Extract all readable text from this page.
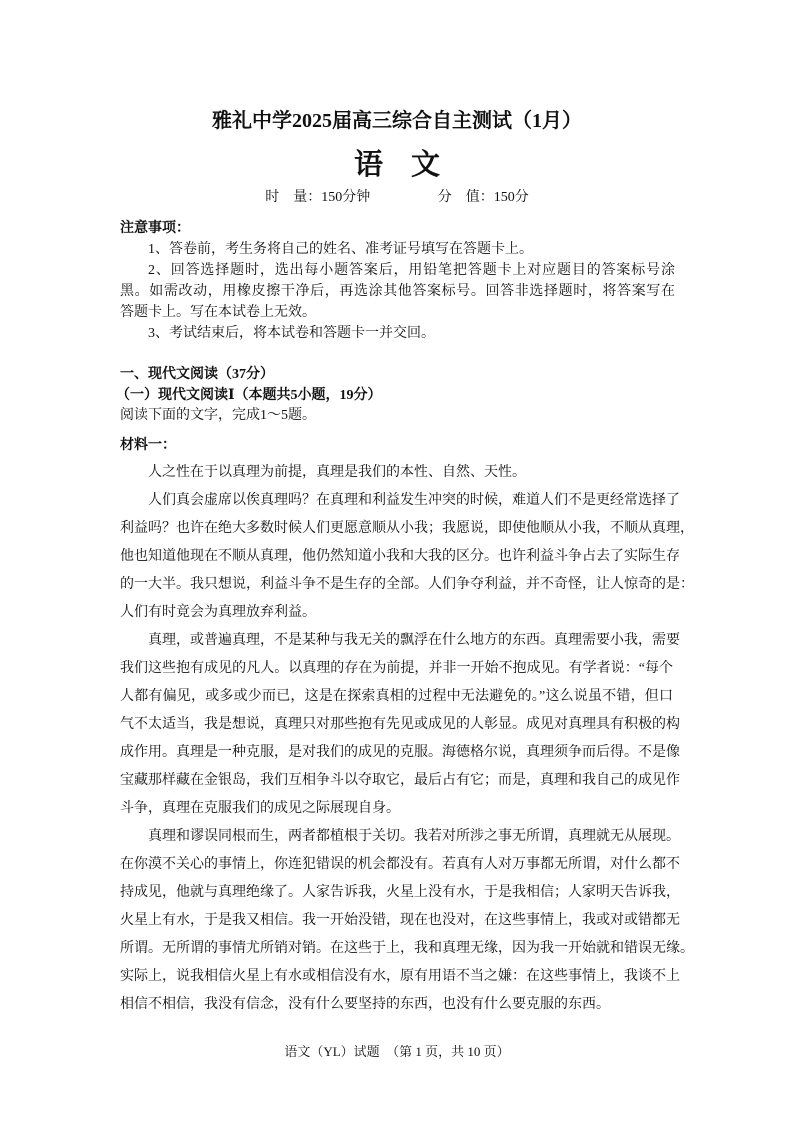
雅礼中学2025届高三综合自主测试（1月）
语文
时　量：150分钟	分　值：150分
注意事项：
1、答卷前，考生务将自己的姓名、准考证号填写在答题卡上。
2、回答选择题时，选出每小题答案后，用铅笔把答题卡上对应题目的答案标号涂
黑。如需改动，用橡皮擦干净后，再选涂其他答案标号。回答非选择题时，将答案写在
答题卡上。写在本试卷上无效。
3、考试结束后，将本试卷和答题卡一并交回。
一、现代文阅读（37分）
（一）现代文阅读Ⅰ（本题共5小题，19分）
阅读下面的文字，完成1～5题。
材料一：
人之性在于以真理为前提，真理是我们的本性、自然、天性。
人们真会虚席以俟真理吗？在真理和利益发生冲突的时候，难道人们不是更经常选择了
利益吗？也许在绝大多数时候人们更愿意顺从小我；我愿说，即使他顺从小我，不顺从真理，
他也知道他现在不顺从真理，他仍然知道小我和大我的区分。也许利益斗争占去了实际生存
的一大半。我只想说，利益斗争不是生存的全部。人们争夺利益，并不奇怪，让人惊奇的是：
人们有时竟会为真理放弃利益。
真理，或普遍真理，不是某种与我无关的飘浮在什么地方的东西。真理需要小我，需要
我们这些抱有成见的凡人。以真理的存在为前提，并非一开始不抱成见。有学者说：“每个
人都有偏见，或多或少而已，这是在探索真相的过程中无法避免的。”这么说虽不错，但口
气不太适当，我是想说，真理只对那些抱有先见或成见的人彰显。成见对真理具有积极的构
成作用。真理是一种克服，是对我们的成见的克服。海德格尔说，真理须争而后得。不是像
宝藏那样藏在金银岛，我们互相争斗以夺取它，最后占有它；而是，真理和我自己的成见作
斗争，真理在克服我们的成见之际展现自身。
真理和谬误同根而生，两者都植根于关切。我若对所涉之事无所谓，真理就无从展现。
在你漠不关心的事情上，你连犯错误的机会都没有。若真有人对万事都无所谓，对什么都不
持成见，他就与真理绝缘了。人家告诉我，火星上没有水，于是我相信；人家明天告诉我，
火星上有水，于是我又相信。我一开始没错，现在也没对，在这些事情上，我或对或错都无
所谓。无所谓的事情尤所销对销。在这些于上，我和真理无缘，因为我一开始就和错误无缘。
实际上，说我相信火星上有水或相信没有水，原有用语不当之嫌：在这些事情上，我谈不上
相信不相信，我没有信念，没有什么要坚持的东西，也没有什么要克服的东西。
语文（YL）试题　（第 1 页，共 10 页）
